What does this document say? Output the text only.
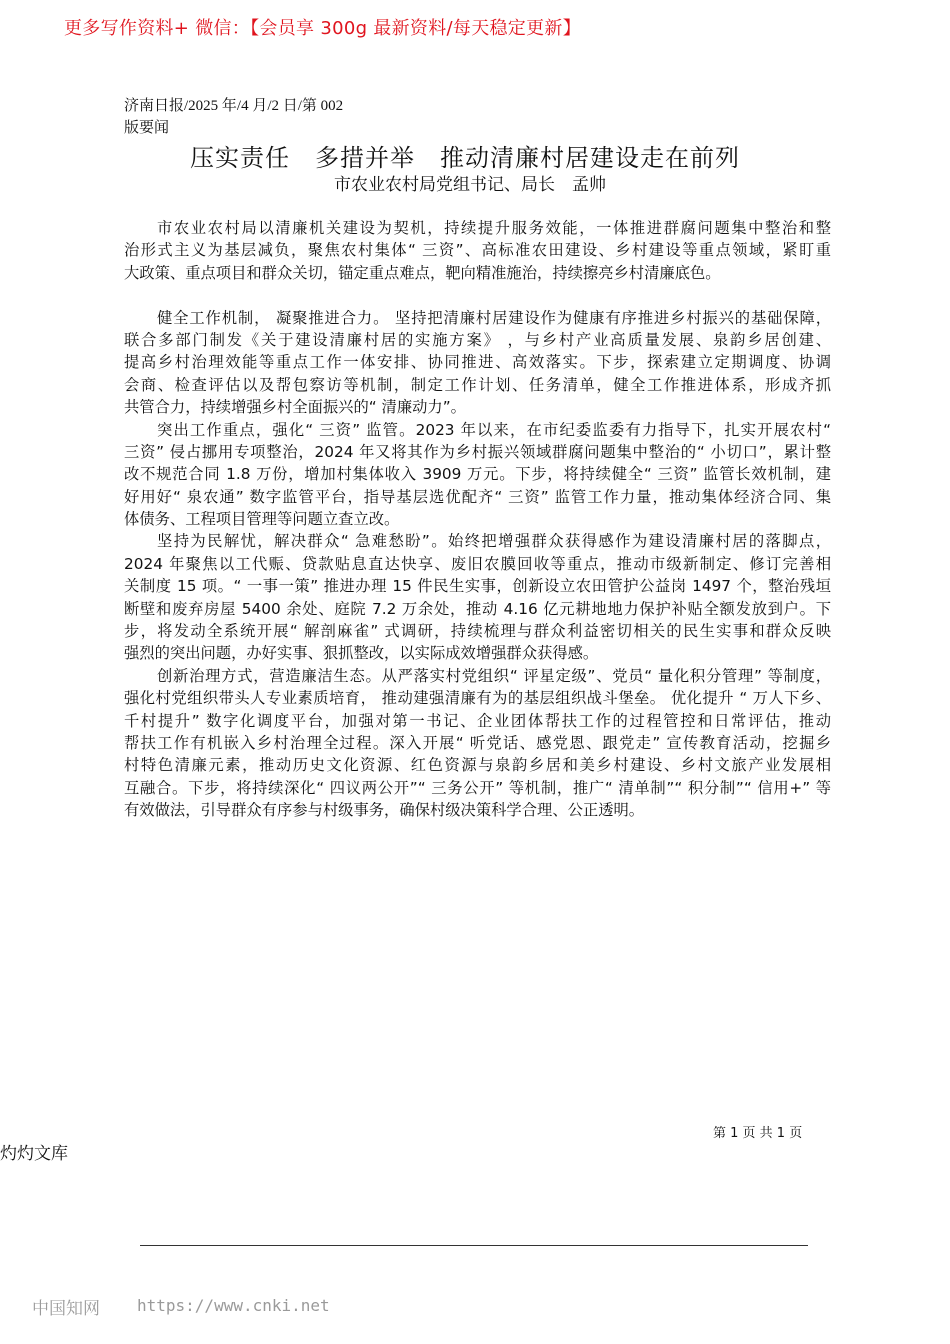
更多写作资料+ 微信：【会员享 300g 最新资料/每天稳定更新】
济南日报/2025 年/4 月/2 日/第 002
版要闻
压实责任　多措并举　推动清廉村居建设走在前列
市农业农村局党组书记、局长　孟帅
市农业农村局以清廉机关建设为契机，持续提升服务效能，一体推进群腐问题集中整治和整
治形式主义为基层减负，聚焦农村集体“ 三资”、高标准农田建设、乡村建设等重点领域，紧盯重
大政策、重点项目和群众关切，锚定重点难点，靶向精准施治，持续擦亮乡村清廉底色。
健全工作机制， 凝聚推进合力。 坚持把清廉村居建设作为健康有序推进乡村振兴的基础保障，
联合多部门制发《关于建设清廉村居的实施方案》 ，与乡村产业高质量发展、泉韵乡居创建、
提高乡村治理效能等重点工作一体安排、协同推进、高效落实。下步，探索建立定期调度、协调
会商、检查评估以及帮包察访等机制，制定工作计划、任务清单，健全工作推进体系，形成齐抓
共管合力，持续增强乡村全面振兴的“ 清廉动力”。
突出工作重点，强化“ 三资” 监管。2023 年以来，在市纪委监委有力指导下，扎实开展农村“
三资” 侵占挪用专项整治，2024 年又将其作为乡村振兴领域群腐问题集中整治的“ 小切口”，累计整
改不规范合同 1.8 万份，增加村集体收入 3909 万元。下步，将持续健全“ 三资” 监管长效机制，建
好用好“ 泉农通” 数字监管平台，指导基层选优配齐“ 三资” 监管工作力量，推动集体经济合同、集
体债务、工程项目管理等问题立查立改。
坚持为民解忧，解决群众“ 急难愁盼”。始终把增强群众获得感作为建设清廉村居的落脚点，
2024 年聚焦以工代赈、贷款贴息直达快享、废旧农膜回收等重点，推动市级新制定、修订完善相
关制度 15 项。“ 一事一策” 推进办理 15 件民生实事，创新设立农田管护公益岗 1497 个，整治残垣
断壁和废弃房屋 5400 余处、庭院 7.2 万余处，推动 4.16 亿元耕地地力保护补贴全额发放到户。下
步，将发动全系统开展“ 解剖麻雀” 式调研，持续梳理与群众利益密切相关的民生实事和群众反映
强烈的突出问题，办好实事、狠抓整改，以实际成效增强群众获得感。
创新治理方式，营造廉洁生态。从严落实村党组织“ 评星定级”、党员“ 量化积分管理” 等制度，
强化村党组织带头人专业素质培育， 推动建强清廉有为的基层组织战斗堡垒。 优化提升 “ 万人下乡、
千村提升” 数字化调度平台，加强对第一书记、企业团体帮扶工作的过程管控和日常评估，推动
帮扶工作有机嵌入乡村治理全过程。深入开展“ 听党话、感党恩、跟党走” 宣传教育活动，挖掘乡
村特色清廉元素，推动历史文化资源、红色资源与泉韵乡居和美乡村建设、乡村文旅产业发展相
互融合。下步，将持续深化“ 四议两公开”“ 三务公开” 等机制，推广“ 清单制”“ 积分制”“ 信用+” 等
有效做法，引导群众有序参与村级事务，确保村级决策科学合理、公正透明。
第 1 页 共 1 页
灼灼文库
中国知网 https://www.cnki.net
